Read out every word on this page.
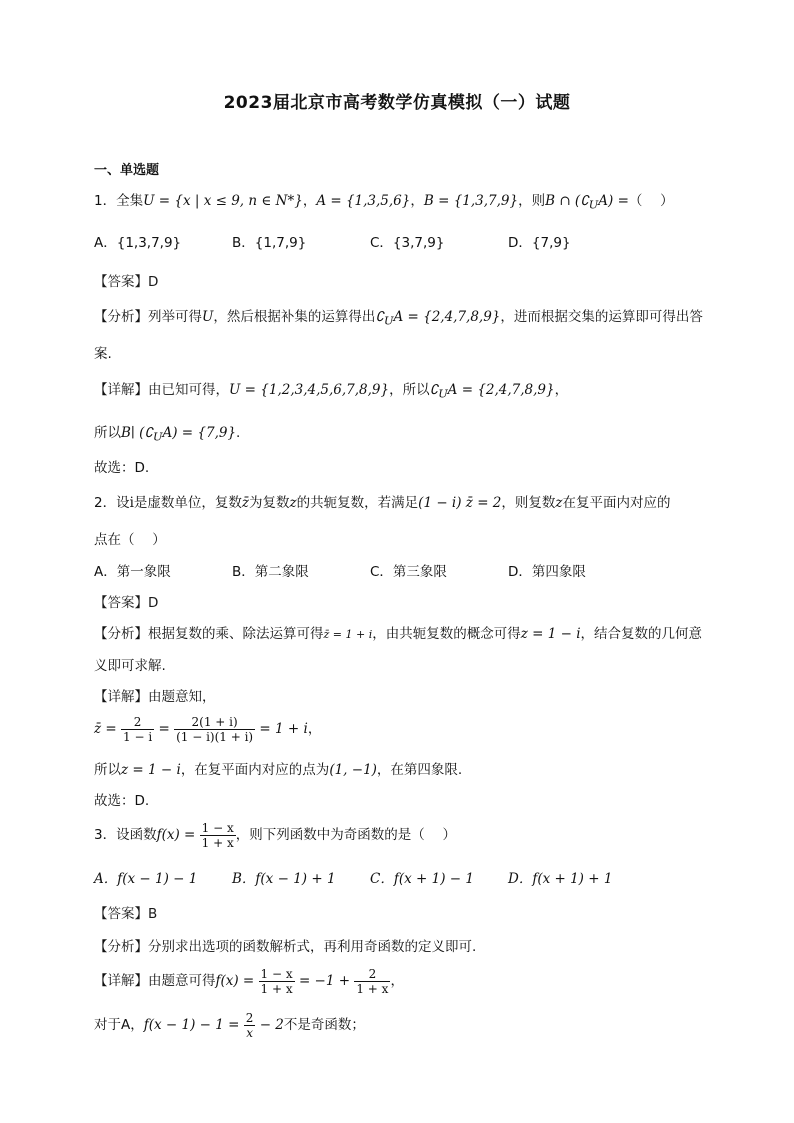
2023届北京市高考数学仿真模拟（一）试题
一、单选题
1．全集U = {x | x ≤ 9, n ∈ N*}，A = {1,3,5,6}，B = {1,3,7,9}，则B ∩ $(∁_UA)$ =（　 ）
A．{1,3,7,9}	B．{1,7,9}	C．{3,7,9}	D．{7,9}
【答案】D
【分析】列举可得U，然后根据补集的运算得出$∁_UA = \{2,4,7,8,9\}$，进而根据交集的运算即可得出答
案.
【详解】由已知可得，U = {1,2,3,4,5,6,7,8,9}，所以$∁_UA = \{2,4,7,8,9\}$，
所以B∣ $(∁_UA) = \{7,9\}$.
故选：D.
2．设i是虚数单位，复数z̄为复数z的共轭复数，若满足(1 − i) z̄ = 2，则复数z在复平面内对应的
点在（　 ）
A．第一象限	B．第二象限	C．第三象限	D．第四象限
【答案】D
【分析】根据复数的乘、除法运算可得z̄ = 1 + i，由共轭复数的概念可得z = 1 − i，结合复数的几何意
义即可求解.
【详解】由题意知，
z̄ = $\frac{2}{1 - i} = \frac{2(1 + i)}{(1 - i)(1 + i)} = 1 + i$，
所以z = 1 − i，在复平面内对应的点为(1, −1)，在第四象限.
故选：D.
3．设函数$f(x) = \frac{1 - x}{1 + x}$ ，则下列函数中为奇函数的是（　 ）
A．f(x − 1) − 1	B．f(x − 1) + 1	C．f(x + 1) − 1	D．f(x + 1) + 1
【答案】B
【分析】分别求出选项的函数解析式，再利用奇函数的定义即可.
【详解】由题意可得$f(x) = \frac{1 - x}{1 + x} = -1 + \frac{2}{1 + x}$ ，
对于A，$f(x - 1) - 1 = \frac{2}{x} - 2$不是奇函数；
